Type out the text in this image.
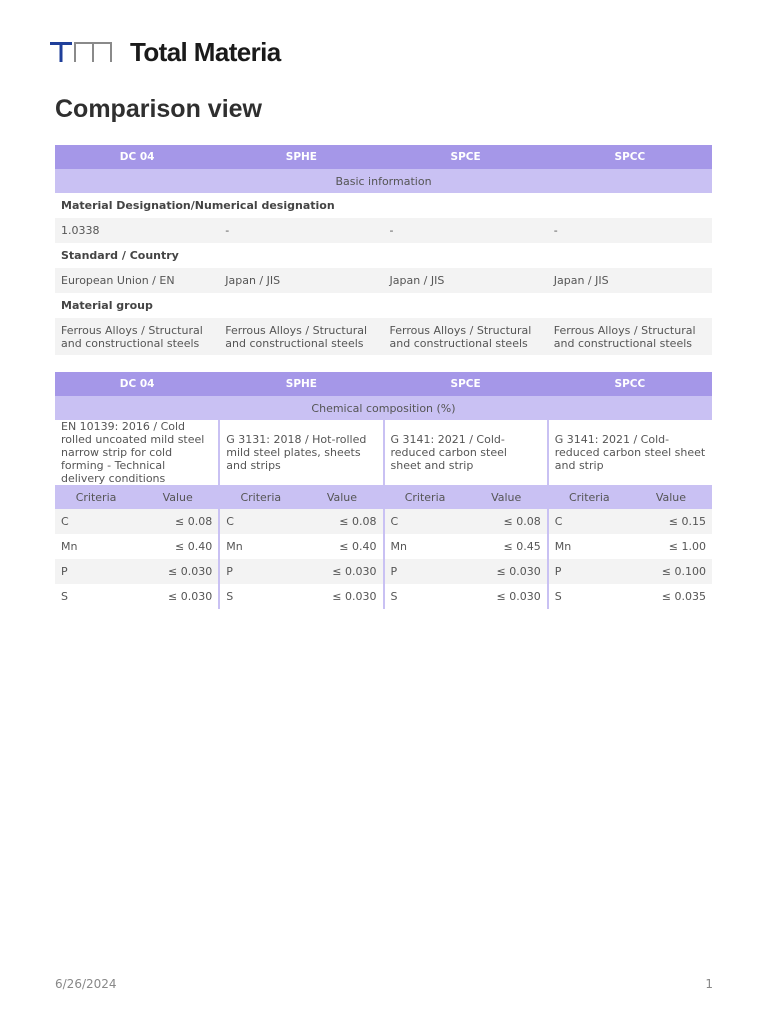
Total Materia
Comparison view
DC 04	SPHE	SPCE	SPCC
Basic information			
Material Designation/Numerical designation			
1.0338	-	-	-
Standard / Country			
European Union / EN	Japan / JIS	Japan / JIS	Japan / JIS
Material group			
Ferrous Alloys / Structural and constructional steels	Ferrous Alloys / Structural and constructional steels	Ferrous Alloys / Structural and constructional steels	Ferrous Alloys / Structural and constructional steels
DC 04		SPHE		SPCE		SPCC	
Chemical composition (%)							
EN 10139: 2016 / Cold rolled uncoated mild steel narrow strip for cold forming - Technical delivery conditions		G 3131: 2018 / Hot-rolled mild steel plates, sheets and strips		G 3141: 2021 / Cold-reduced carbon steel sheet and strip		G 3141: 2021 / Cold-reduced carbon steel sheet and strip	
Criteria	Value	Criteria	Value	Criteria	Value	Criteria	Value
C	≤ 0.08	C	≤ 0.08	C	≤ 0.08	C	≤ 0.15
Mn	≤ 0.40	Mn	≤ 0.40	Mn	≤ 0.45	Mn	≤ 1.00
P	≤ 0.030	P	≤ 0.030	P	≤ 0.030	P	≤ 0.100
S	≤ 0.030	S	≤ 0.030	S	≤ 0.030	S	≤ 0.035
6/26/2024	1
